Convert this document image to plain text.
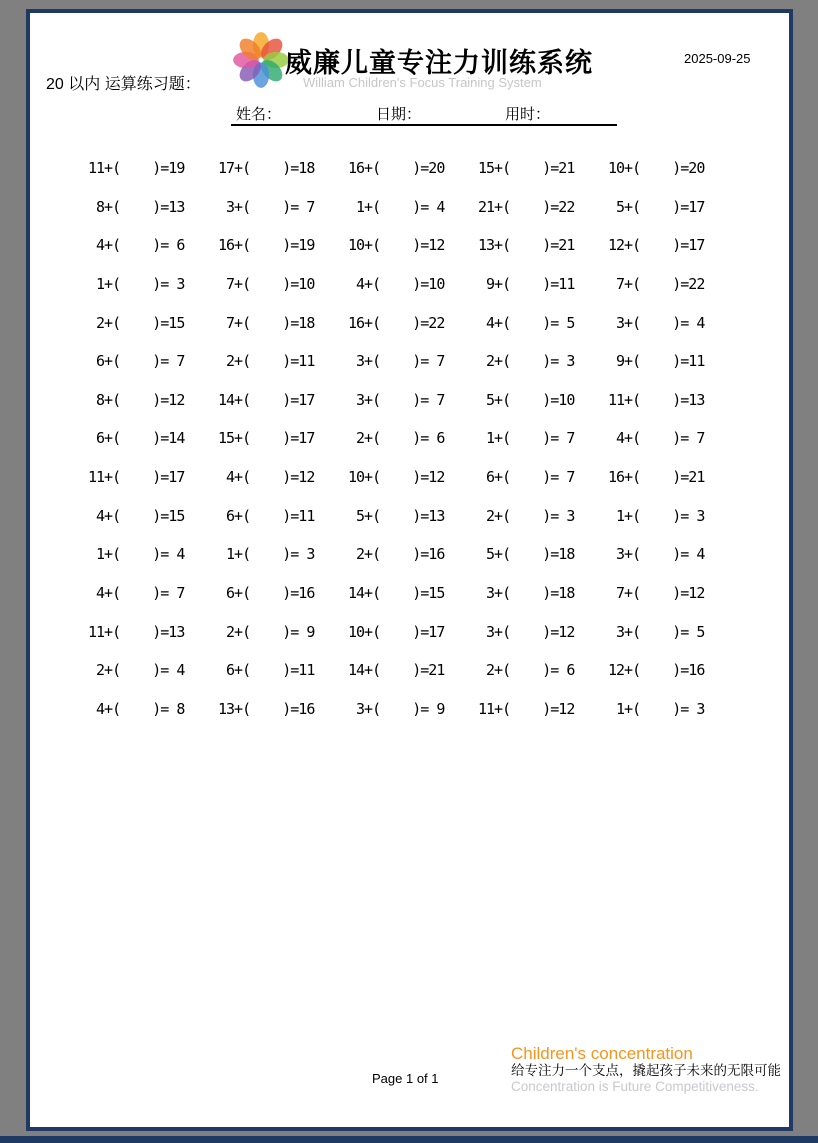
20 以内 运算练习题：
威廉儿童专注力训练系统
William Children's Focus Training System
2025-09-25
姓名：	日期：	用时：
11+(    )=19	17+(    )=18	16+(    )=20	15+(    )=21	10+(    )=20
8+(    )=13	3+(    )= 7	1+(    )= 4	21+(    )=22	5+(    )=17
4+(    )= 6	16+(    )=19	10+(    )=12	13+(    )=21	12+(    )=17
1+(    )= 3	7+(    )=10	4+(    )=10	9+(    )=11	7+(    )=22
2+(    )=15	7+(    )=18	16+(    )=22	4+(    )= 5	3+(    )= 4
6+(    )= 7	2+(    )=11	3+(    )= 7	2+(    )= 3	9+(    )=11
8+(    )=12	14+(    )=17	3+(    )= 7	5+(    )=10	11+(    )=13
6+(    )=14	15+(    )=17	2+(    )= 6	1+(    )= 7	4+(    )= 7
11+(    )=17	4+(    )=12	10+(    )=12	6+(    )= 7	16+(    )=21
4+(    )=15	6+(    )=11	5+(    )=13	2+(    )= 3	1+(    )= 3
1+(    )= 4	1+(    )= 3	2+(    )=16	5+(    )=18	3+(    )= 4
4+(    )= 7	6+(    )=16	14+(    )=15	3+(    )=18	7+(    )=12
11+(    )=13	2+(    )= 9	10+(    )=17	3+(    )=12	3+(    )= 5
2+(    )= 4	6+(    )=11	14+(    )=21	2+(    )= 6	12+(    )=16
4+(    )= 8	13+(    )=16	3+(    )= 9	11+(    )=12	1+(    )= 3
Page 1 of 1
Children's concentration
给专注力一个支点，撬起孩子未来的无限可能
Concentration is Future Competitiveness.
